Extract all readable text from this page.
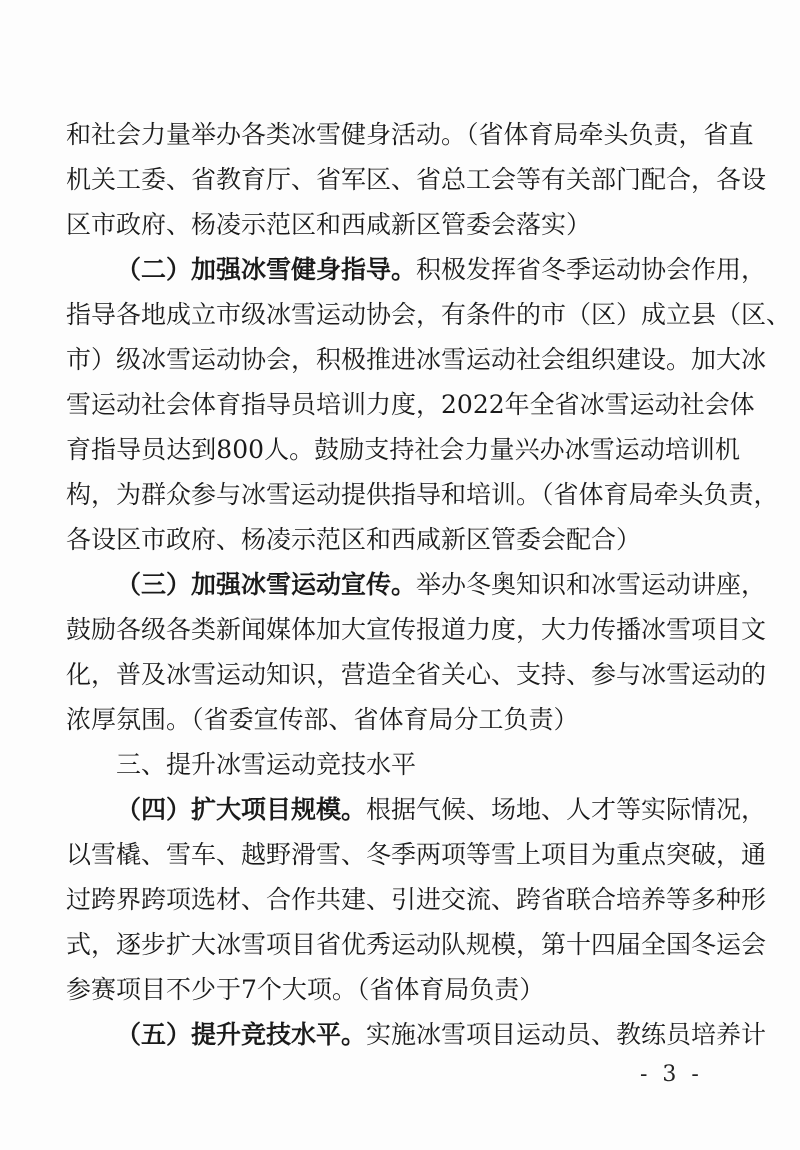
和社会力量举办各类冰雪健身活动。（省体育局牵头负责，省直
机关工委、省教育厅、省军区、省总工会等有关部门配合，各设
区市政府、杨凌示范区和西咸新区管委会落实）
（二）加强冰雪健身指导。积极发挥省冬季运动协会作用，
指导各地成立市级冰雪运动协会，有条件的市（区）成立县（区、
市）级冰雪运动协会，积极推进冰雪运动社会组织建设。加大冰
雪运动社会体育指导员培训力度，2022年全省冰雪运动社会体
育指导员达到800人。鼓励支持社会力量兴办冰雪运动培训机
构，为群众参与冰雪运动提供指导和培训。（省体育局牵头负责，
各设区市政府、杨凌示范区和西咸新区管委会配合）
（三）加强冰雪运动宣传。举办冬奥知识和冰雪运动讲座，
鼓励各级各类新闻媒体加大宣传报道力度，大力传播冰雪项目文
化，普及冰雪运动知识，营造全省关心、支持、参与冰雪运动的
浓厚氛围。（省委宣传部、省体育局分工负责）
三、提升冰雪运动竞技水平
（四）扩大项目规模。根据气候、场地、人才等实际情况，
以雪橇、雪车、越野滑雪、冬季两项等雪上项目为重点突破，通
过跨界跨项选材、合作共建、引进交流、跨省联合培养等多种形
式，逐步扩大冰雪项目省优秀运动队规模，第十四届全国冬运会
参赛项目不少于7个大项。（省体育局负责）
（五）提升竞技水平。实施冰雪项目运动员、教练员培养计
- 3 -
